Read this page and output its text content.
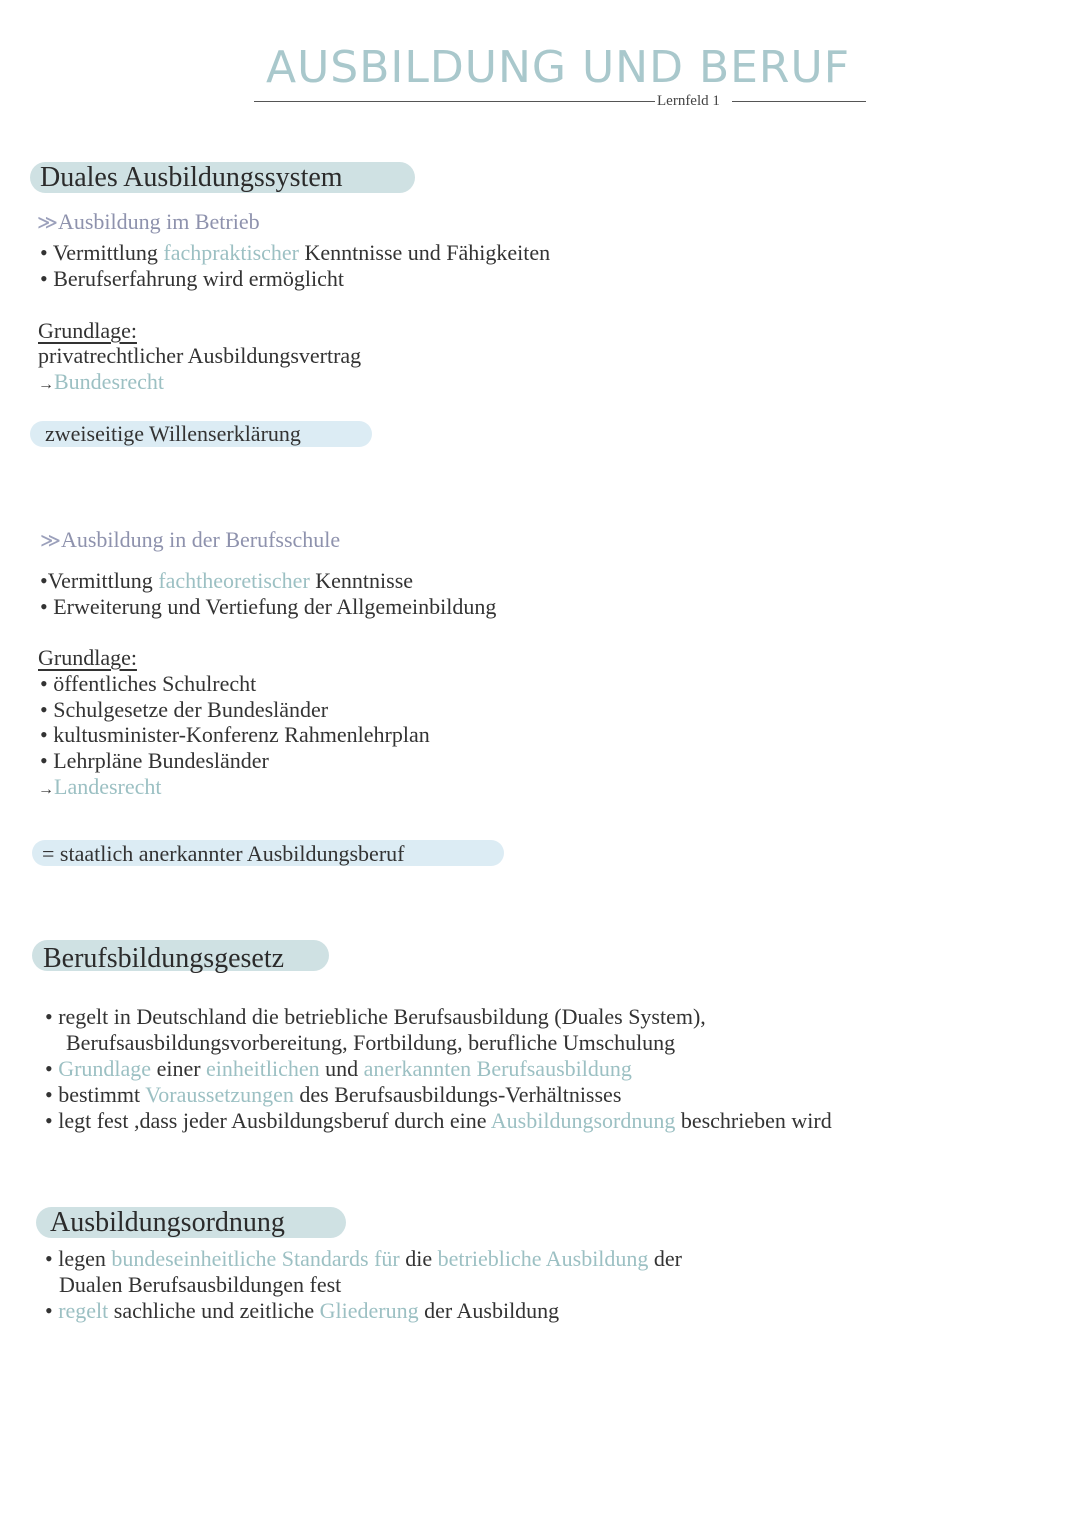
AUSBILDUNG UND BERUF
Lernfeld 1
Duales Ausbildungssystem
≫Ausbildung im Betrieb
• Vermittlung fachpraktischer Kenntnisse und Fähigkeiten
• Berufserfahrung wird ermöglicht
Grundlage:
privatrechtlicher Ausbildungsvertrag
→Bundesrecht
zweiseitige Willenserklärung
≫Ausbildung in der Berufsschule
•Vermittlung fachtheoretischer Kenntnisse
• Erweiterung und Vertiefung der Allgemeinbildung
Grundlage:
• öffentliches Schulrecht
• Schulgesetze der Bundesländer
• kultusminister-Konferenz Rahmenlehrplan
• Lehrpläne Bundesländer
→Landesrecht
= staatlich anerkannter Ausbildungsberuf
Berufsbildungsgesetz
• regelt in Deutschland die betriebliche Berufsausbildung (Duales System),
Berufsausbildungsvorbereitung, Fortbildung, berufliche Umschulung
• Grundlage einer einheitlichen und anerkannten Berufsausbildung
• bestimmt Voraussetzungen des Berufsausbildungs-Verhältnisses
• legt fest ,dass jeder Ausbildungsberuf durch eine Ausbildungsordnung beschrieben wird
Ausbildungsordnung
• legen bundeseinheitliche Standards für die betriebliche Ausbildung der
Dualen Berufsausbildungen fest
• regelt sachliche und zeitliche Gliederung der Ausbildung
